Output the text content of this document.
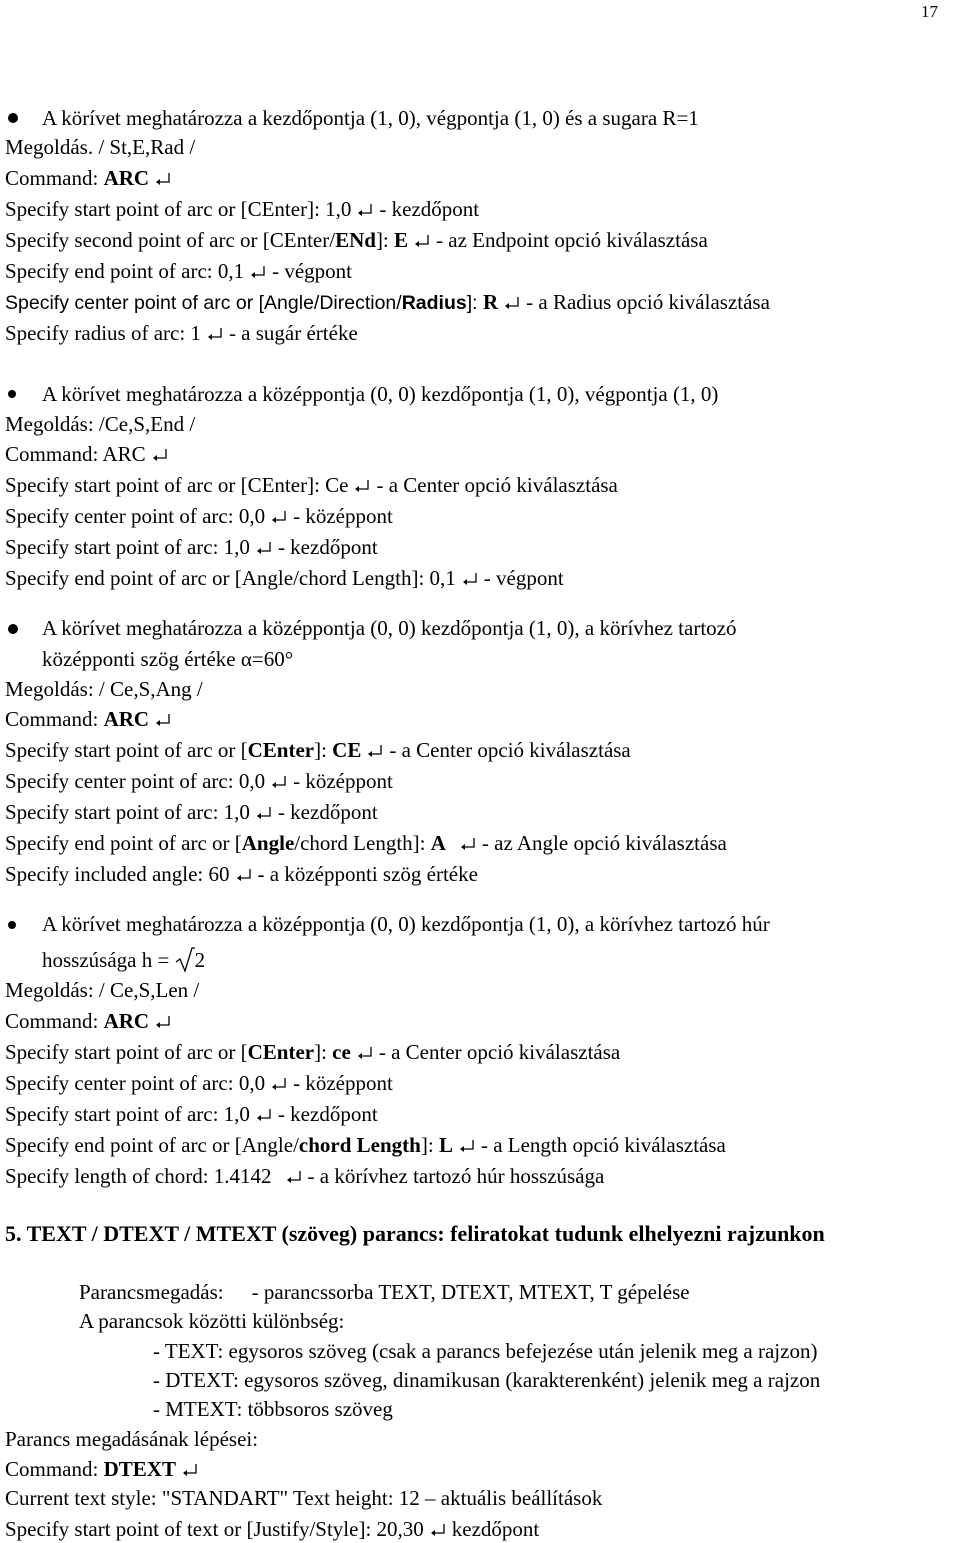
17
A körívet meghatározza a kezdőpontja (1, 0), végpontja (1, 0) és a sugara R=1
Megoldás. / St,E,Rad /
Command: ARC
Specify start point of arc or [CEnter]: 1,0 - kezdőpont
Specify second point of arc or [CEnter/ENd]: E - az Endpoint opció kiválasztása
Specify end point of arc: 0,1 - végpont
Specify center point of arc or [Angle/Direction/Radius]: R - a Radius opció kiválasztása
Specify radius of arc: 1 - a sugár értéke
A körívet meghatározza a középpontja (0, 0) kezdőpontja (1, 0), végpontja (1, 0)
Megoldás: /Ce,S,End /
Command: ARC
Specify start point of arc or [CEnter]: Ce - a Center opció kiválasztása
Specify center point of arc: 0,0 - középpont
Specify start point of arc: 1,0 - kezdőpont
Specify end point of arc or [Angle/chord Length]: 0,1 - végpont
A körívet meghatározza a középpontja (0, 0) kezdőpontja (1, 0), a körívhez tartozó
középponti szög értéke α=60°
Megoldás: / Ce,S,Ang /
Command: ARC
Specify start point of arc or [CEnter]: CE - a Center opció kiválasztása
Specify center point of arc: 0,0 - középpont
Specify start point of arc: 1,0 - kezdőpont
Specify end point of arc or [Angle/chord Length]: A - az Angle opció kiválasztása
Specify included angle: 60 - a középponti szög értéke
A körívet meghatározza a középpontja (0, 0) kezdőpontja (1, 0), a körívhez tartozó húr
hosszúsága h = 2
Megoldás: / Ce,S,Len /
Command: ARC
Specify start point of arc or [CEnter]: ce - a Center opció kiválasztása
Specify center point of arc: 0,0 - középpont
Specify start point of arc: 1,0 - kezdőpont
Specify end point of arc or [Angle/chord Length]: L - a Length opció kiválasztása
Specify length of chord: 1.4142 - a körívhez tartozó húr hosszúsága
5. TEXT / DTEXT / MTEXT (szöveg) parancs: feliratokat tudunk elhelyezni rajzunkon
Parancsmegadás: - parancssorba TEXT, DTEXT, MTEXT, T gépelése
A parancsok közötti különbség:
- TEXT: egysoros szöveg (csak a parancs befejezése után jelenik meg a rajzon)
- DTEXT: egysoros szöveg, dinamikusan (karakterenként) jelenik meg a rajzon
- MTEXT: többsoros szöveg
Parancs megadásának lépései:
Command: DTEXT
Current text style: "STANDART" Text height: 12 – aktuális beállítások
Specify start point of text or [Justify/Style]: 20,30 kezdőpont
